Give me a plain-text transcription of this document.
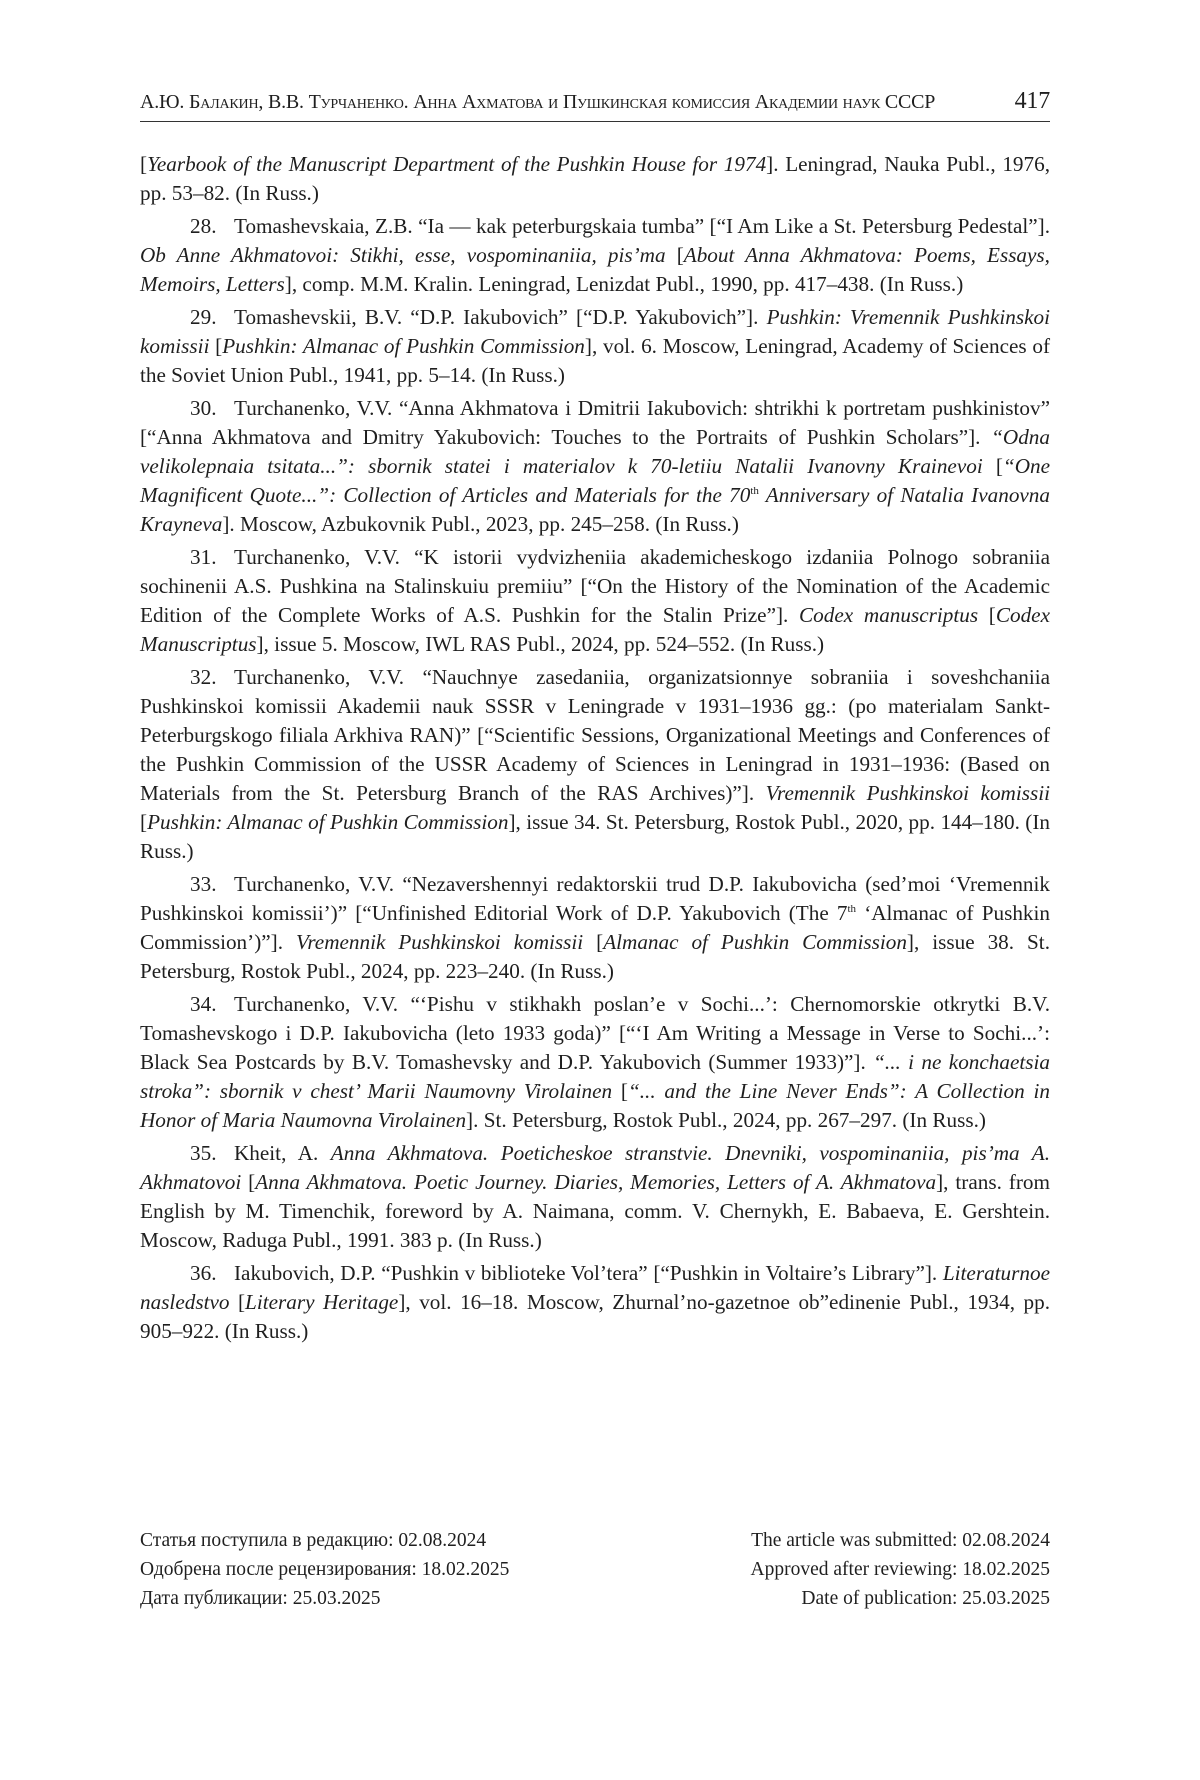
А.Ю. Балакин, В.В. Турчаненко. Анна Ахматова и Пушкинская комиссия Академии наук СССР	417

[Yearbook of the Manuscript Department of the Pushkin House for 1974]. Leningrad, Nauka Publ., 1976, pp. 53–82. (In Russ.)

28. Tomashevskaia, Z.B. “Ia — kak peterburgskaia tumba” [“I Am Like a St. Petersburg Pedestal”]. Ob Anne Akhmatovoi: Stikhi, esse, vospominaniia, pis’ma [About Anna Akhmatova: Poems, Essays, Memoirs, Letters], comp. M.M. Kralin. Leningrad, Lenizdat Publ., 1990, pp. 417–438. (In Russ.)

29. Tomashevskii, B.V. “D.P. Iakubovich” [“D.P. Yakubovich”]. Pushkin: Vremennik Pushkinskoi komissii [Pushkin: Almanac of Pushkin Commission], vol. 6. Moscow, Leningrad, Academy of Sciences of the Soviet Union Publ., 1941, pp. 5–14. (In Russ.)

30. Turchanenko, V.V. “Anna Akhmatova i Dmitrii Iakubovich: shtrikhi k portretam pushkinistov” [“Anna Akhmatova and Dmitry Yakubovich: Touches to the Portraits of Pushkin Scholars”]. “Odna velikolepnaia tsitata...”: sbornik statei i materialov k 70-letiiu Natalii Ivanovny Krainevoi [“One Magnificent Quote...”: Collection of Articles and Materials for the 70th Anniversary of Natalia Ivanovna Krayneva]. Moscow, Azbukovnik Publ., 2023, pp. 245–258. (In Russ.)

31. Turchanenko, V.V. “K istorii vydvizheniia akademicheskogo izdaniia Polnogo sobraniia sochinenii A.S. Pushkina na Stalinskuiu premiiu” [“On the History of the Nomination of the Academic Edition of the Complete Works of A.S. Pushkin for the Stalin Prize”]. Codex manuscriptus [Codex Manuscriptus], issue 5. Moscow, IWL RAS Publ., 2024, pp. 524–552. (In Russ.)

32. Turchanenko, V.V. “Nauchnye zasedaniia, organizatsionnye sobraniia i soveshchaniia Pushkinskoi komissii Akademii nauk SSSR v Leningrade v 1931–1936 gg.: (po materialam Sankt-Peterburgskogo filiala Arkhiva RAN)” [“Scientific Sessions, Organizational Meetings and Conferences of the Pushkin Commission of the USSR Academy of Sciences in Leningrad in 1931–1936: (Based on Materials from the St. Petersburg Branch of the RAS Archives)”]. Vremennik Pushkinskoi komissii [Pushkin: Almanac of Pushkin Commission], issue 34. St. Petersburg, Rostok Publ., 2020, pp. 144–180. (In Russ.)

33. Turchanenko, V.V. “Nezavershennyi redaktorskii trud D.P. Iakubovicha (sed’moi ‘Vremennik Pushkinskoi komissii’)” [“Unfinished Editorial Work of D.P. Yakubovich (The 7th ‘Almanac of Pushkin Commission’)”]. Vremennik Pushkinskoi komissii [Almanac of Pushkin Commission], issue 38. St. Petersburg, Rostok Publ., 2024, pp. 223–240. (In Russ.)

34. Turchanenko, V.V. “‘Pishu v stikhakh poslan’e v Sochi...’: Chernomorskie otkrytki B.V. Tomashevskogo i D.P. Iakubovicha (leto 1933 goda)” [“‘I Am Writing a Message in Verse to Sochi...’: Black Sea Postcards by B.V. Tomashevsky and D.P. Yakubovich (Summer 1933)”]. “... i ne konchaetsia stroka”: sbornik v chest’ Marii Naumovny Virolainen [“... and the Line Never Ends”: A Collection in Honor of Maria Naumovna Virolainen]. St. Petersburg, Rostok Publ., 2024, pp. 267–297. (In Russ.)

35. Kheit, A. Anna Akhmatova. Poeticheskoe stranstvie. Dnevniki, vospominaniia, pis’ma A. Akhmatovoi [Anna Akhmatova. Poetic Journey. Diaries, Memories, Letters of A. Akhmatova], trans. from English by M. Timenchik, foreword by A. Naimana, comm. V. Chernykh, E. Babaeva, E. Gershtein. Moscow, Raduga Publ., 1991. 383 p. (In Russ.)

36. Iakubovich, D.P. “Pushkin v biblioteke Vol’tera” [“Pushkin in Voltaire’s Library”]. Literaturnoe nasledstvo [Literary Heritage], vol. 16–18. Moscow, Zhurnal’no-gazetnoe ob”edinenie Publ., 1934, pp. 905–922. (In Russ.)

Статья поступила в редакцию: 02.08.2024
Одобрена после рецензирования: 18.02.2025
Дата публикации: 25.03.2025
The article was submitted: 02.08.2024
Approved after reviewing: 18.02.2025
Date of publication: 25.03.2025
